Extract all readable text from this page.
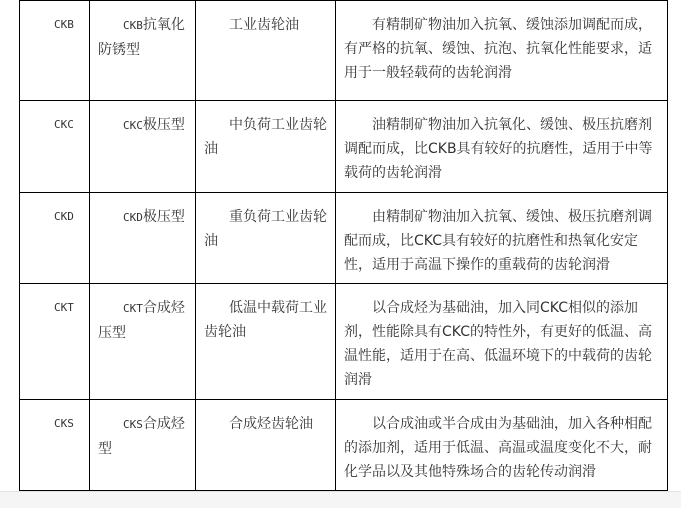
CKB	CKB抗氧化防锈型	工业齿轮油	有精制矿物油加入抗氧、缓蚀添加调配而成，有严格的抗氧、缓蚀、抗泡、抗氧化性能要求，适用于一般轻载荷的齿轮润滑
CKC	CKC极压型	中负荷工业齿轮油	油精制矿物油加入抗氧化、缓蚀、极压抗磨剂调配而成，比CKB具有较好的抗磨性，适用于中等载荷的齿轮润滑
CKD	CKD极压型	重负荷工业齿轮油	由精制矿物油加入抗氧、缓蚀、极压抗磨剂调配而成，比CKC具有较好的抗磨性和热氧化安定性，适用于高温下操作的重载荷的齿轮润滑
CKT	CKT合成烃压型	低温中载荷工业齿轮油	以合成烃为基础油，加入同CKC相似的添加剂，性能除具有CKC的特性外，有更好的低温、高温性能，适用于在高、低温环境下的中载荷的齿轮润滑
CKS	CKS合成烃型	合成烃齿轮油	以合成油或半合成由为基础油，加入各种相配的添加剂，适用于低温、高温或温度变化不大，耐化学品以及其他特殊场合的齿轮传动润滑
